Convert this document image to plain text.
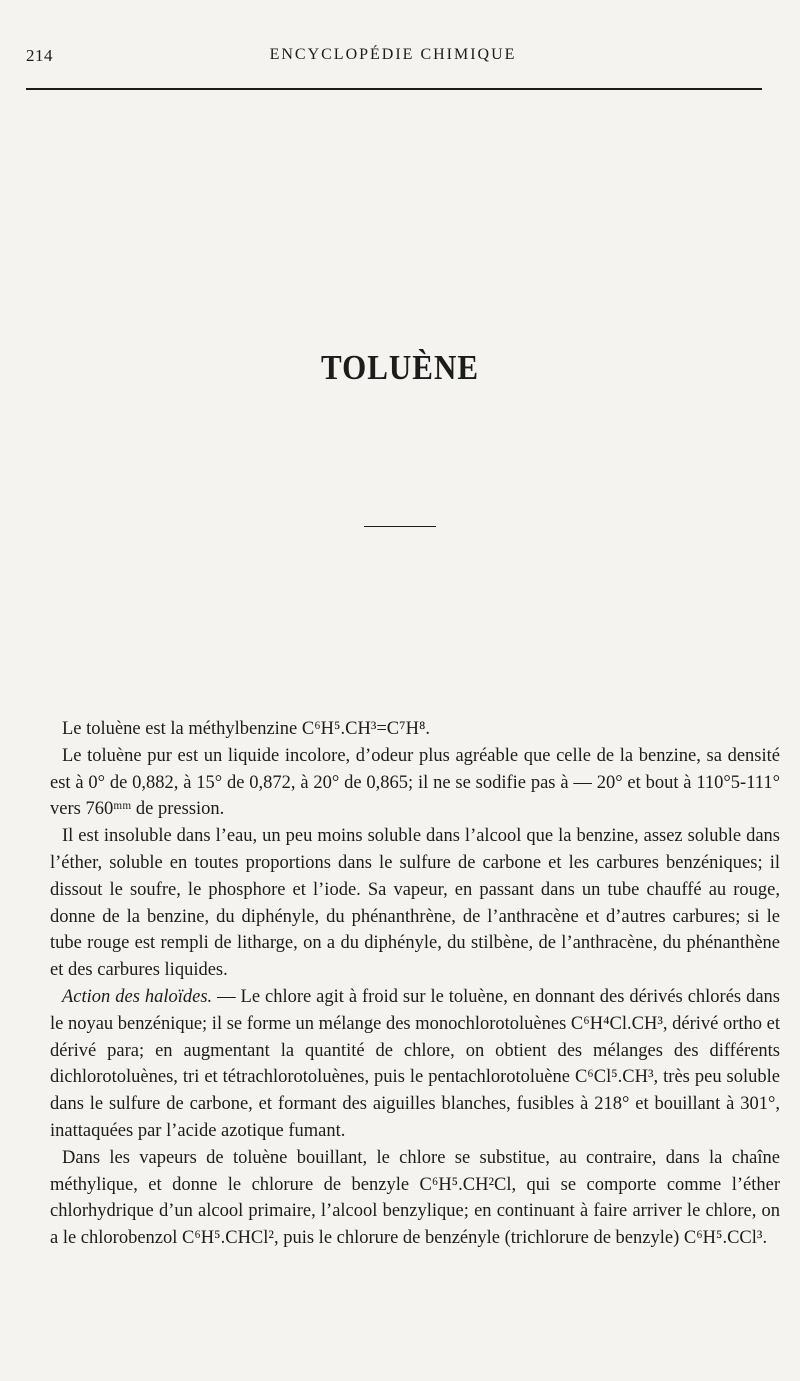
214	ENCYCLOPÉDIE CHIMIQUE
TOLUÈNE

Le toluène est la méthylbenzine C⁶H⁵.CH³=C⁷H⁸.

Le toluène pur est un liquide incolore, d’odeur plus agréable que celle de la benzine, sa densité est à 0° de 0,882, à 15° de 0,872, à 20° de 0,865; il ne se sodifie pas à — 20° et bout à 110°5-111° vers 760ᵐᵐ de pression.

Il est insoluble dans l’eau, un peu moins soluble dans l’alcool que la benzine, assez soluble dans l’éther, soluble en toutes proportions dans le sulfure de carbone et les carbures benzéniques; il dissout le soufre, le phosphore et l’iode. Sa vapeur, en passant dans un tube chauffé au rouge, donne de la benzine, du diphényle, du phénanthrène, de l’anthracène et d’autres carbures; si le tube rouge est rempli de litharge, on a du diphényle, du stilbène, de l’anthracène, du phénanthène et des carbures liquides.

Action des haloïdes. — Le chlore agit à froid sur le toluène, en donnant des dérivés chlorés dans le noyau benzénique; il se forme un mélange des monochlorotoluènes C⁶H⁴Cl.CH³, dérivé ortho et dérivé para; en augmentant la quantité de chlore, on obtient des mélanges des différents dichlorotoluènes, tri et tétrachlorotoluènes, puis le pentachlorotoluène C⁶Cl⁵.CH³, très peu soluble dans le sulfure de carbone, et formant des aiguilles blanches, fusibles à 218° et bouillant à 301°, inattaquées par l’acide azotique fumant.

Dans les vapeurs de toluène bouillant, le chlore se substitue, au contraire, dans la chaîne méthylique, et donne le chlorure de benzyle C⁶H⁵.CH²Cl, qui se comporte comme l’éther chlorhydrique d’un alcool primaire, l’alcool benzylique; en continuant à faire arriver le chlore, on a le chlorobenzol C⁶H⁵.CHCl², puis le chlorure de benzényle (trichlorure de benzyle) C⁶H⁵.CCl³.
